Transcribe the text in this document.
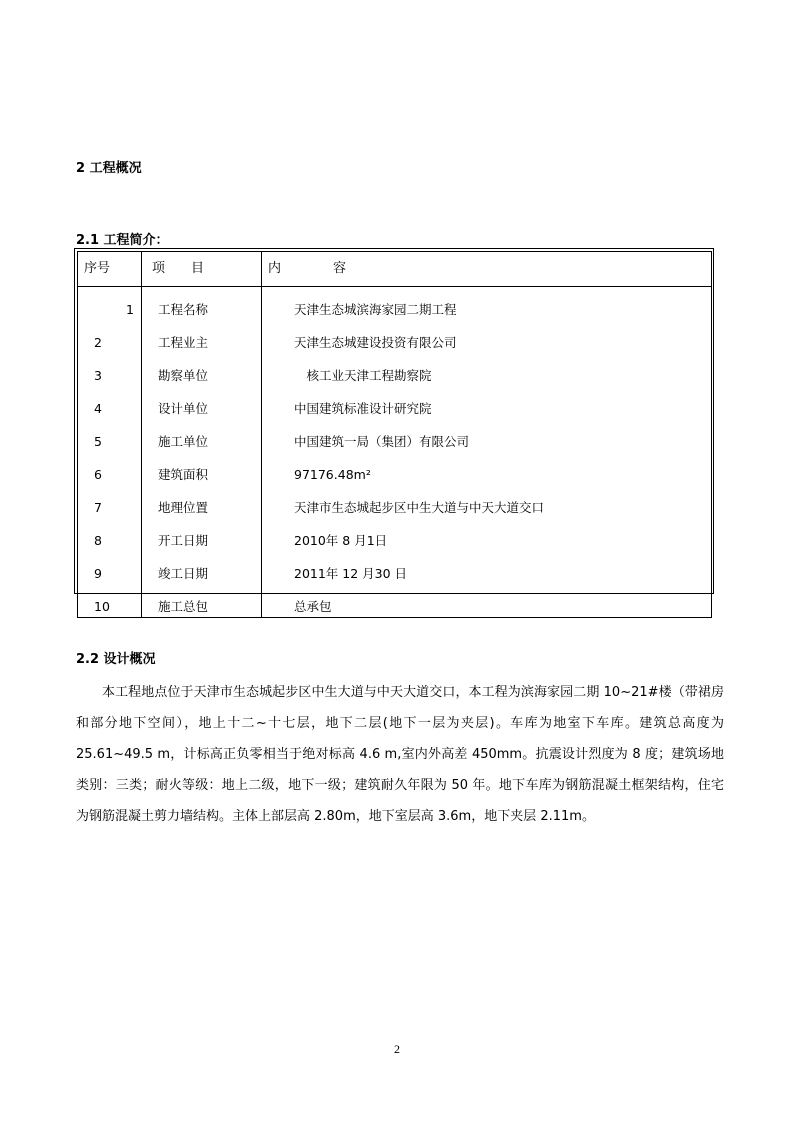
2 工程概况
2.1 工程简介：
序号	项　　目	内　　　　容
1	工程名称	天津生态城滨海家园二期工程
2	工程业主	天津生态城建设投资有限公司
3	勘察单位	　核工业天津工程勘察院
4	设计单位	中国建筑标准设计研究院
5	施工单位	中国建筑一局（集团）有限公司
6	建筑面积	97176.48m²
7	地理位置	天津市生态城起步区中生大道与中天大道交口
8	开工日期	2010年 8 月1日
9	竣工日期	2011年 12 月30 日
10	施工总包	总承包
2.2 设计概况
本工程地点位于天津市生态城起步区中生大道与中天大道交口，本工程为滨海家园二期 10~21#楼（带裙房和部分地下空间），地上十二~十七层，地下二层(地下一层为夹层)。车库为地室下车库。建筑总高度为 25.61~49.5 m，计标高正负零相当于绝对标高 4.6 m,室内外高差 450mm。抗震设计烈度为 8 度；建筑场地类别：三类；耐火等级：地上二级，地下一级；建筑耐久年限为 50 年。地下车库为钢筋混凝土框架结构，住宅为钢筋混凝土剪力墙结构。主体上部层高 2.80m，地下室层高 3.6m，地下夹层 2.11m。
2
